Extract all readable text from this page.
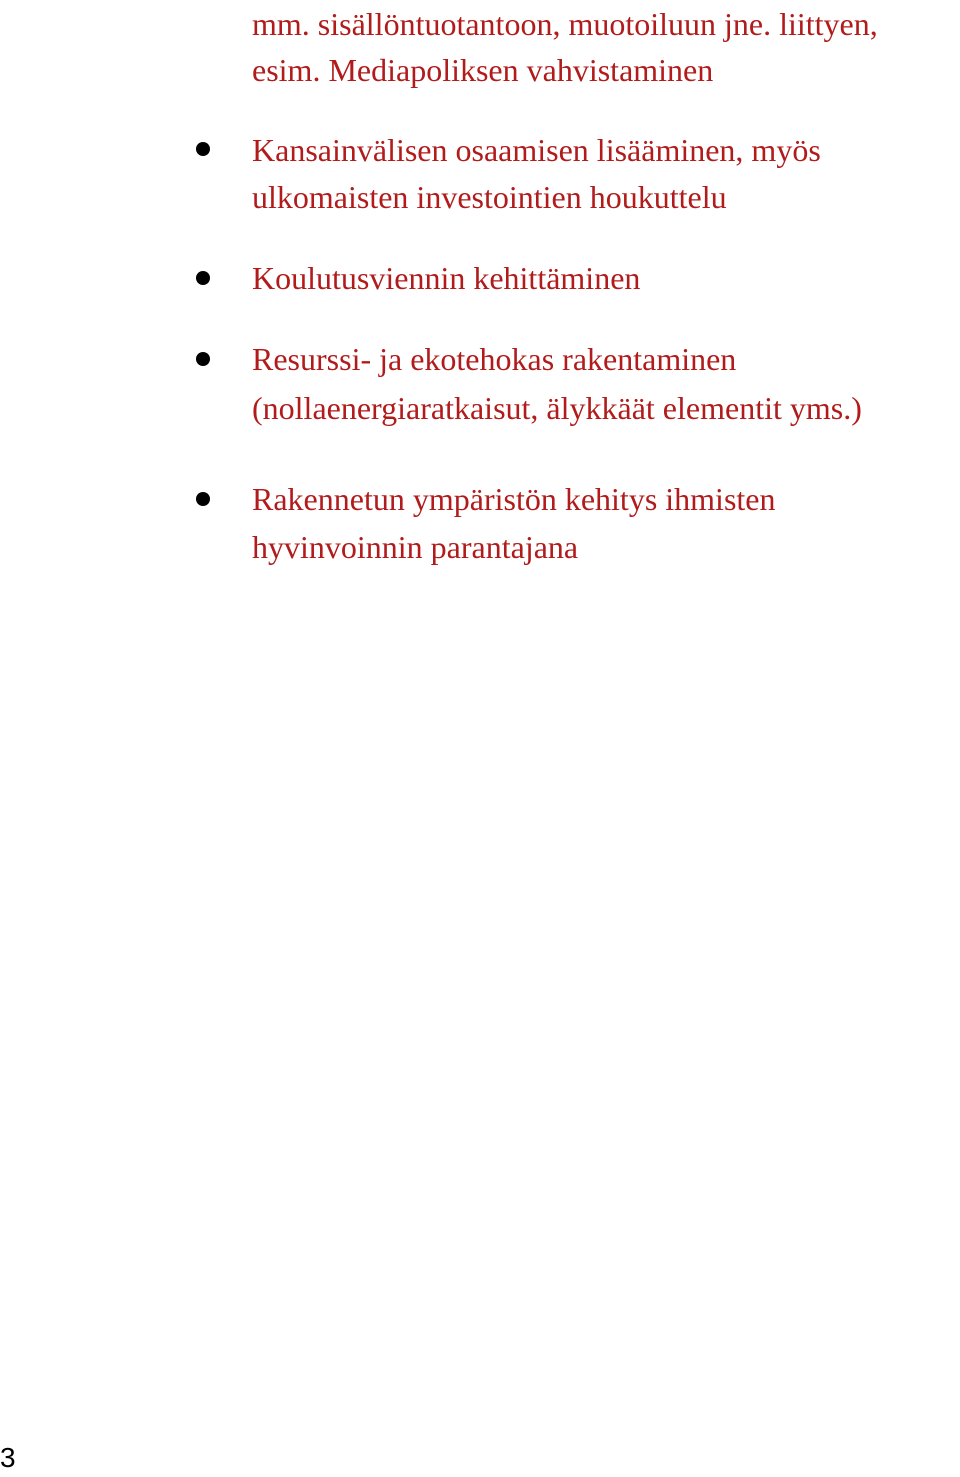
mm. sisällöntuotantoon, muotoiluun jne. liittyen,
esim. Mediapoliksen vahvistaminen
Kansainvälisen osaamisen lisääminen, myös
ulkomaisten investointien houkuttelu
Koulutusviennin kehittäminen
Resurssi- ja ekotehokas rakentaminen
(nollaenergiaratkaisut, älykkäät elementit yms.)
Rakennetun ympäristön kehitys ihmisten
hyvinvoinnin parantajana
3
